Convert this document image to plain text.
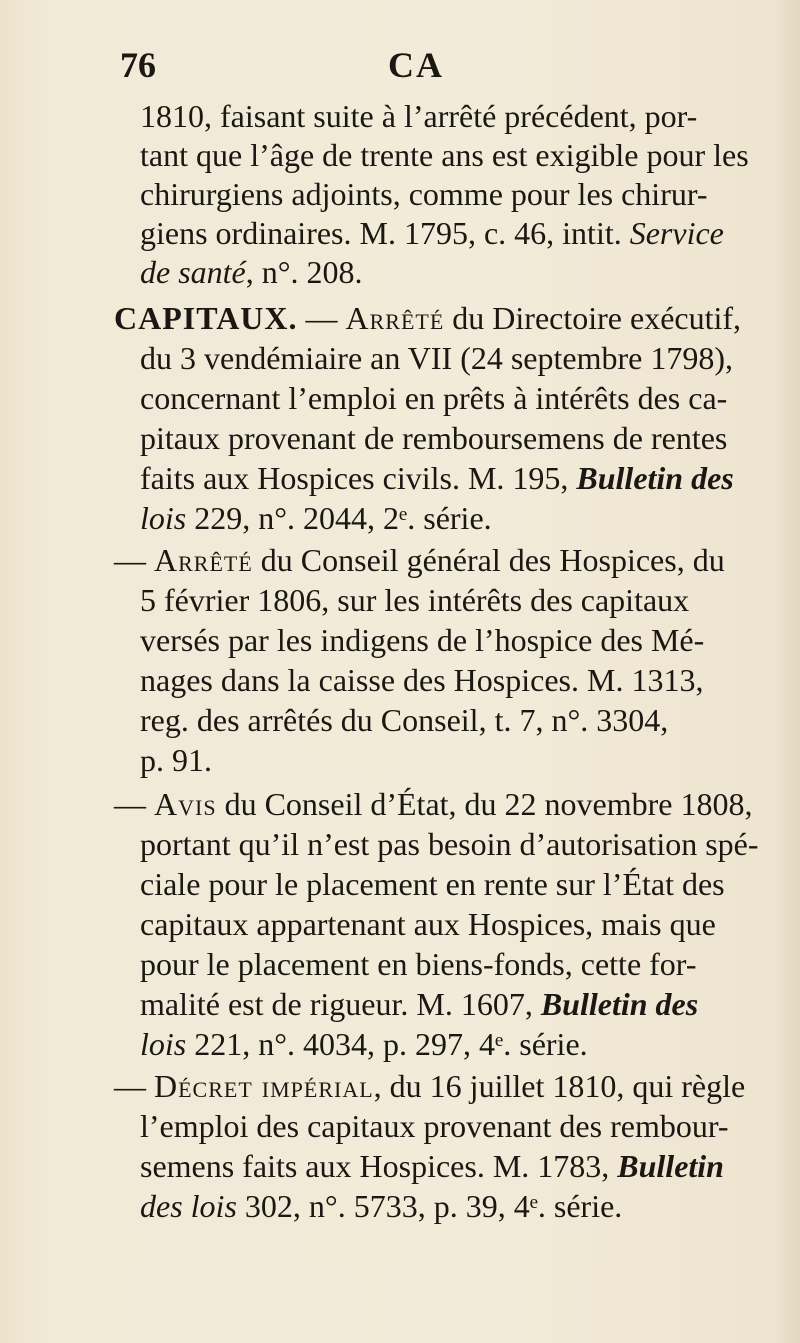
76	CA
1810, faisant suite à l’arrêté précédent, por-
tant que l’âge de trente ans est exigible pour les
chirurgiens adjoints, comme pour les chirur-
giens ordinaires. M. 1795, c. 46, intit. Service
de santé, n°. 208.
CAPITAUX. — Arrêté du Directoire exécutif,
du 3 vendémiaire an VII (24 septembre 1798),
concernant l’emploi en prêts à intérêts des ca-
pitaux provenant de remboursemens de rentes
faits aux Hospices civils. M. 195, Bulletin des
lois 229, n°. 2044, 2ᵉ. série.
— Arrêté du Conseil général des Hospices, du
5 février 1806, sur les intérêts des capitaux
versés par les indigens de l’hospice des Mé-
nages dans la caisse des Hospices. M. 1313,
reg. des arrêtés du Conseil, t. 7, n°. 3304,
p. 91.
— Avis du Conseil d’État, du 22 novembre 1808,
portant qu’il n’est pas besoin d’autorisation spé-
ciale pour le placement en rente sur l’État des
capitaux appartenant aux Hospices, mais que
pour le placement en biens-fonds, cette for-
malité est de rigueur. M. 1607, Bulletin des
lois 221, n°. 4034, p. 297, 4ᵉ. série.
— Décret impérial, du 16 juillet 1810, qui règle
l’emploi des capitaux provenant des rembour-
semens faits aux Hospices. M. 1783, Bulletin
des lois 302, n°. 5733, p. 39, 4ᵉ. série.
